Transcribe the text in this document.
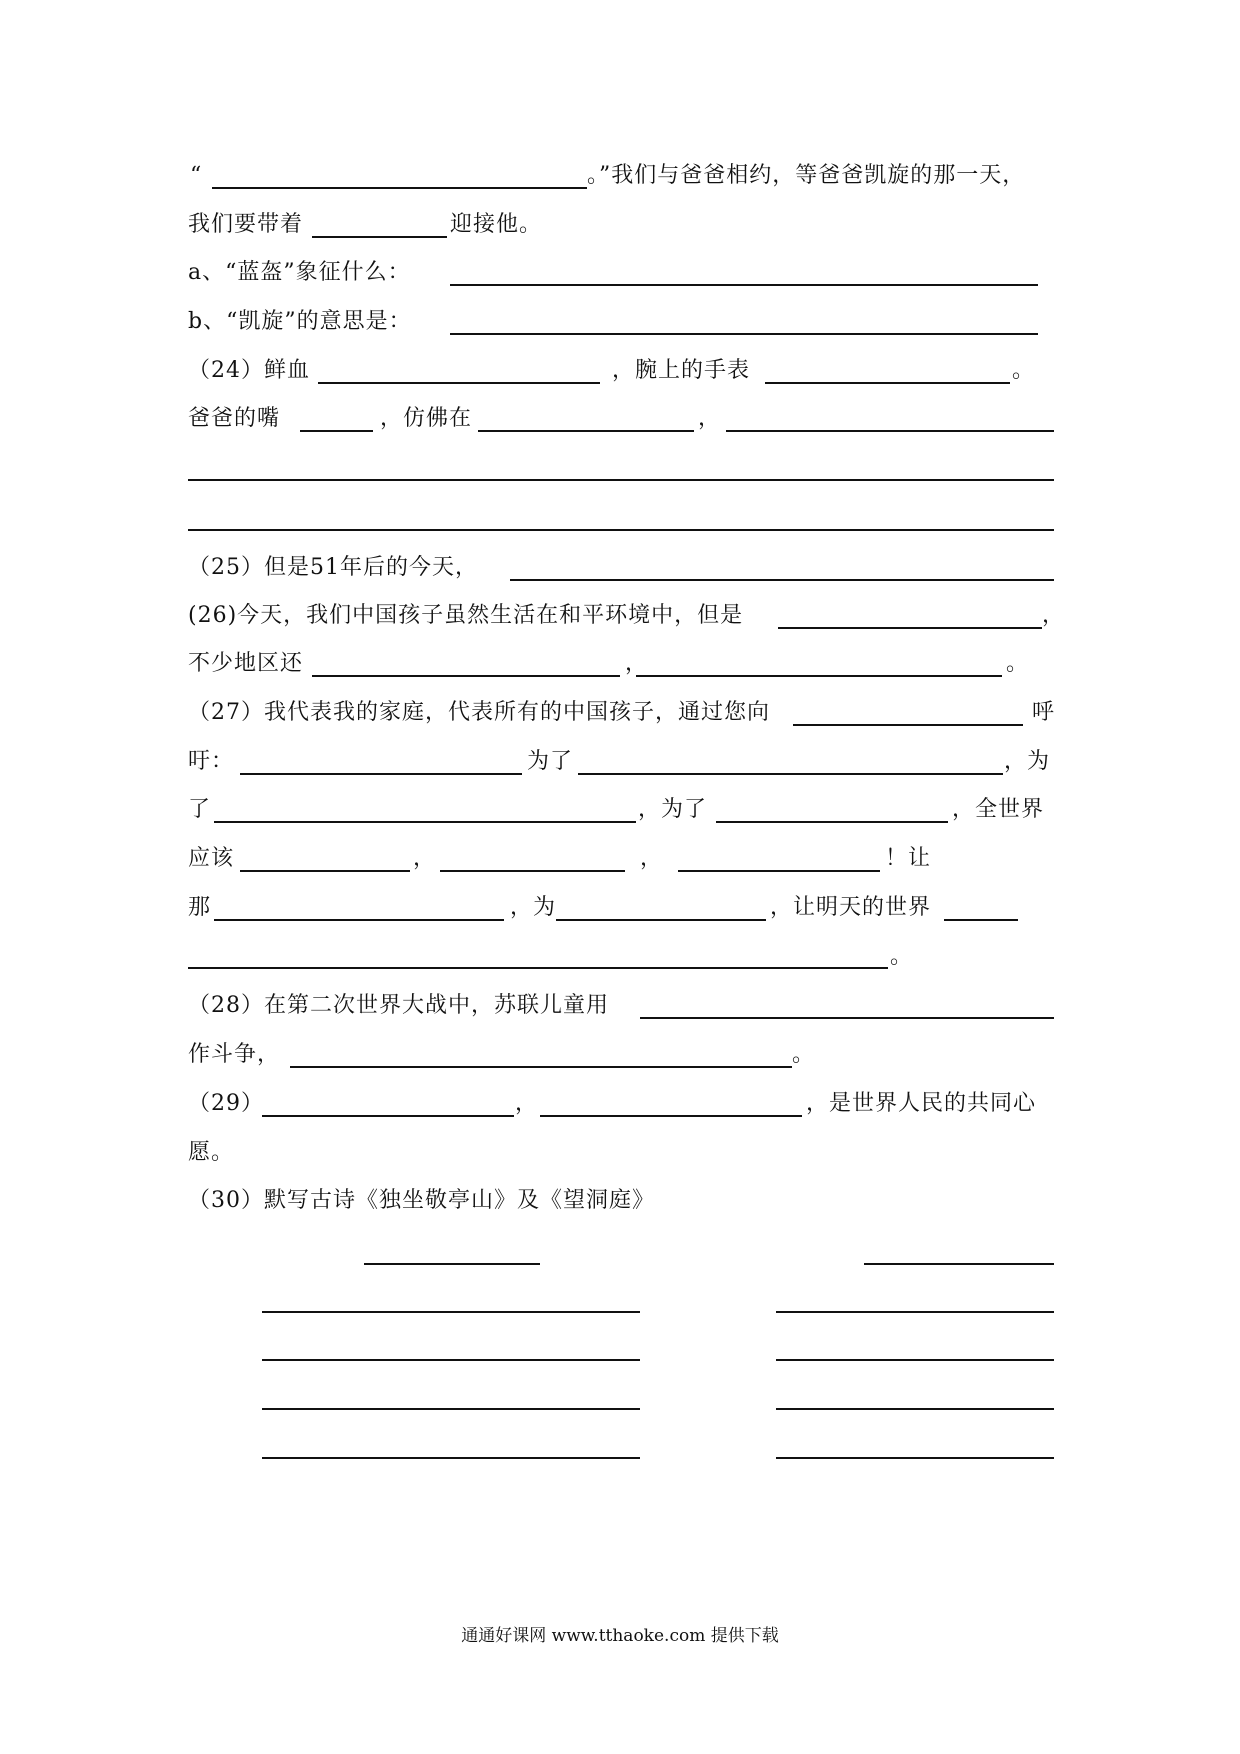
“	。”我们与爸爸相约，等爸爸凯旋的那一天，
我们要带着	迎接他。
a、“蓝盔”象征什么：
b、“凯旋”的意思是：
（24）鲜血	，腕上的手表	。
爸爸的嘴	，仿佛在	，
（25）但是51年后的今天，
(26)今天，我们中国孩子虽然生活在和平环境中，但是	，
不少地区还	，	。
（27）我代表我的家庭，代表所有的中国孩子，通过您向	呼
吁：	为了	，为
了	，为了	，全世界
应该	，	，	！让
那	，为	，让明天的世界
。
（28）在第二次世界大战中，苏联儿童用
作斗争，	。
（29）	，	，是世界人民的共同心
愿。
（30）默写古诗《独坐敬亭山》及《望洞庭》
通通好课网 www.tthaoke.com 提供下载
